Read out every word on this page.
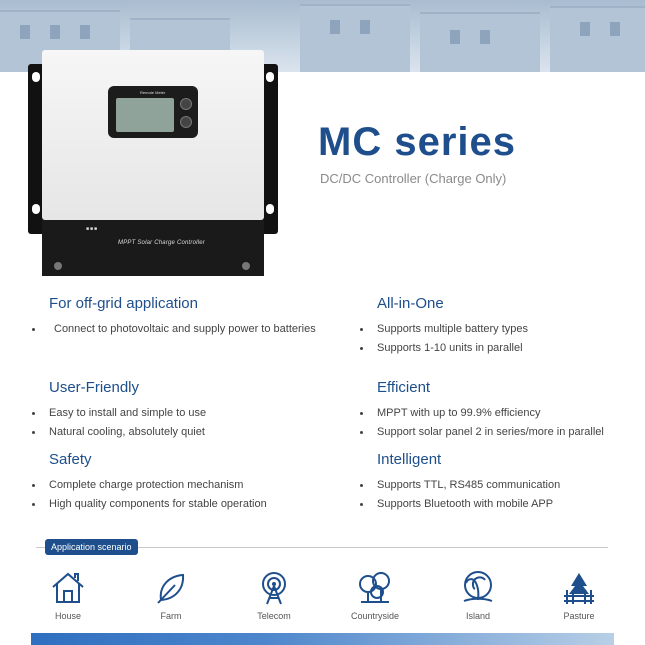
Remote Meter
■■■
MPPT Solar Charge Controller
MC series
DC/DC Controller (Charge Only)
For off-grid application
Connect to photovoltaic and supply power to batteries
All-in-One
Supports multiple battery types
Supports 1-10 units in parallel
User-Friendly
Easy to install and simple to use
Natural cooling, absolutely quiet
Efficient
MPPT with up to 99.9% efficiency
Support solar panel 2 in series/more in parallel
Safety
Complete charge protection mechanism
High quality components for stable operation
Intelligent
Supports TTL, RS485 communication
Supports Bluetooth with mobile APP
Application scenario
House	Farm	Telecom	Countryside	Island	Pasture
